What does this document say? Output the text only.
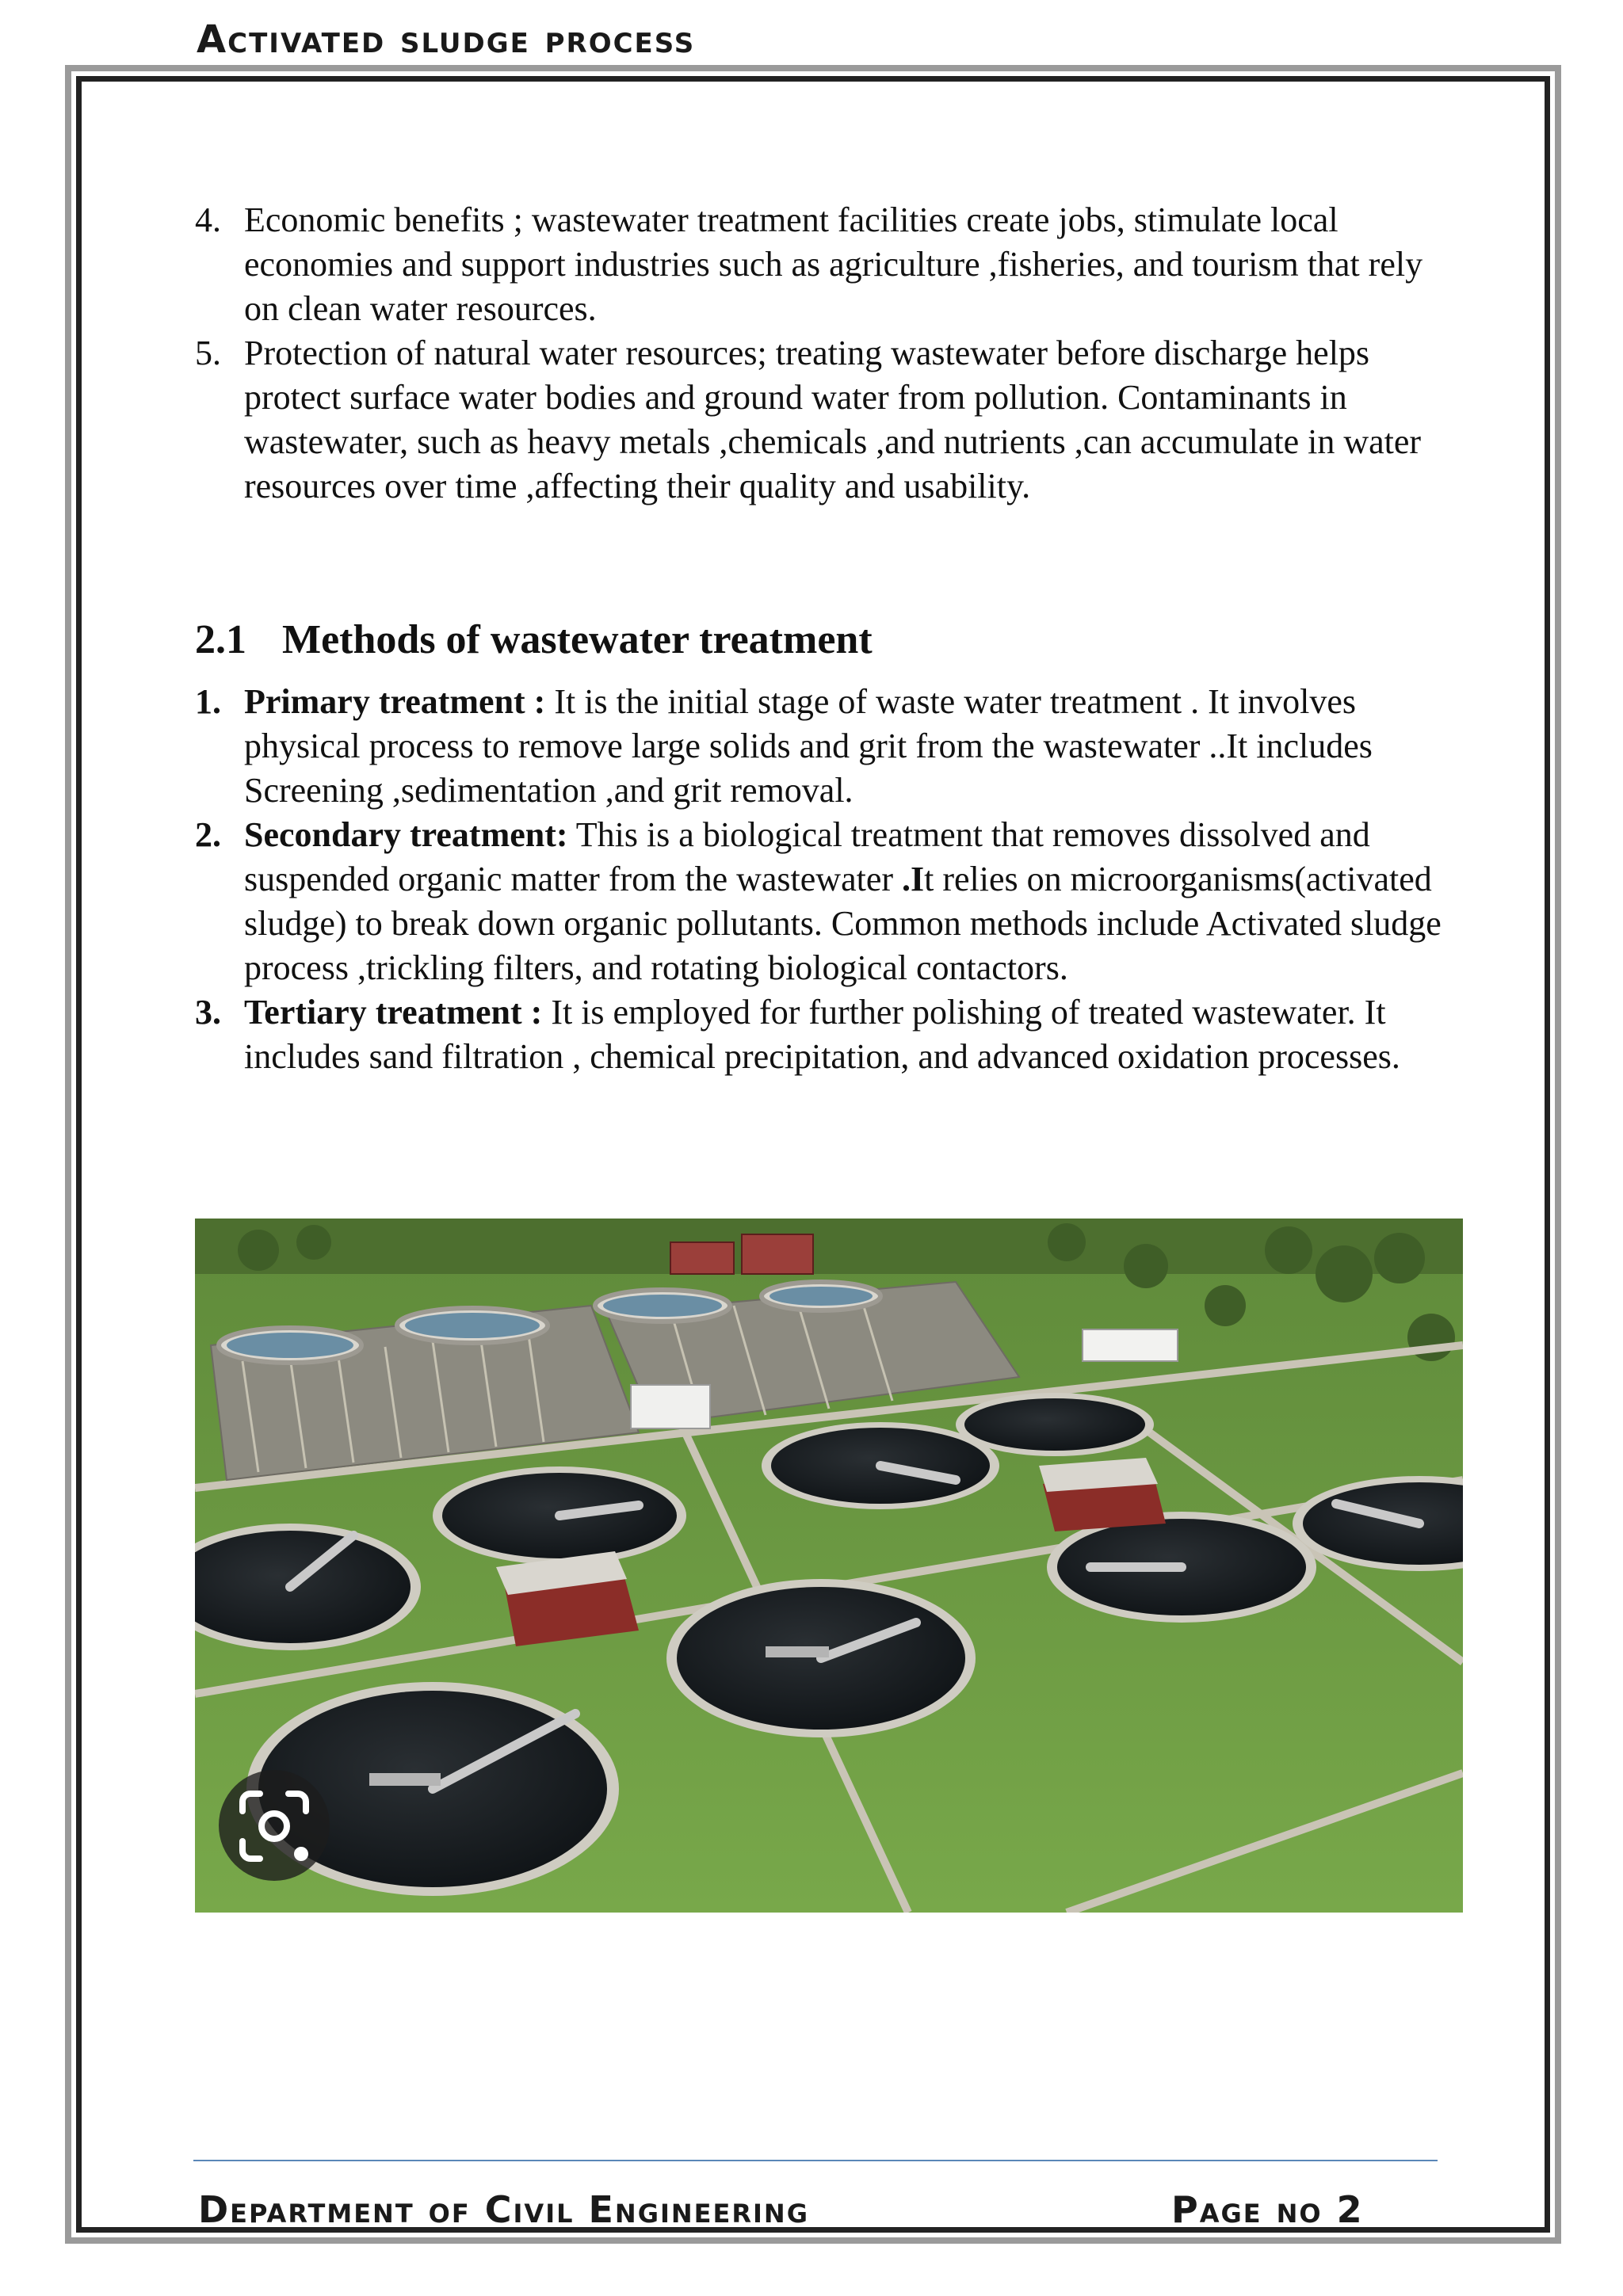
Activated sludge process
4. Economic benefits ; wastewater treatment facilities create jobs, stimulate local economies and support industries such as agriculture ,fisheries, and tourism that rely on clean water resources.
5. Protection of natural water resources; treating wastewater before discharge helps protect surface water bodies and ground water from pollution. Contaminants in wastewater, such as heavy metals ,chemicals ,and nutrients ,can accumulate in water resources over time ,affecting their quality and usability.
2.1 Methods of wastewater treatment
1. Primary treatment : It is the initial stage of waste water treatment . It involves physical process to remove large solids and grit from the wastewater ..It includes Screening ,sedimentation ,and grit removal.
2. Secondary treatment: This is a biological treatment that removes dissolved and suspended organic matter from the wastewater .It relies on microorganisms(activated sludge) to break down organic pollutants. Common methods include Activated sludge process ,trickling filters, and rotating biological contactors.
3. Tertiary treatment : It is employed for further polishing of treated wastewater. It includes sand filtration , chemical precipitation, and advanced oxidation processes.
Department of Civil Engineering	Page no 2
